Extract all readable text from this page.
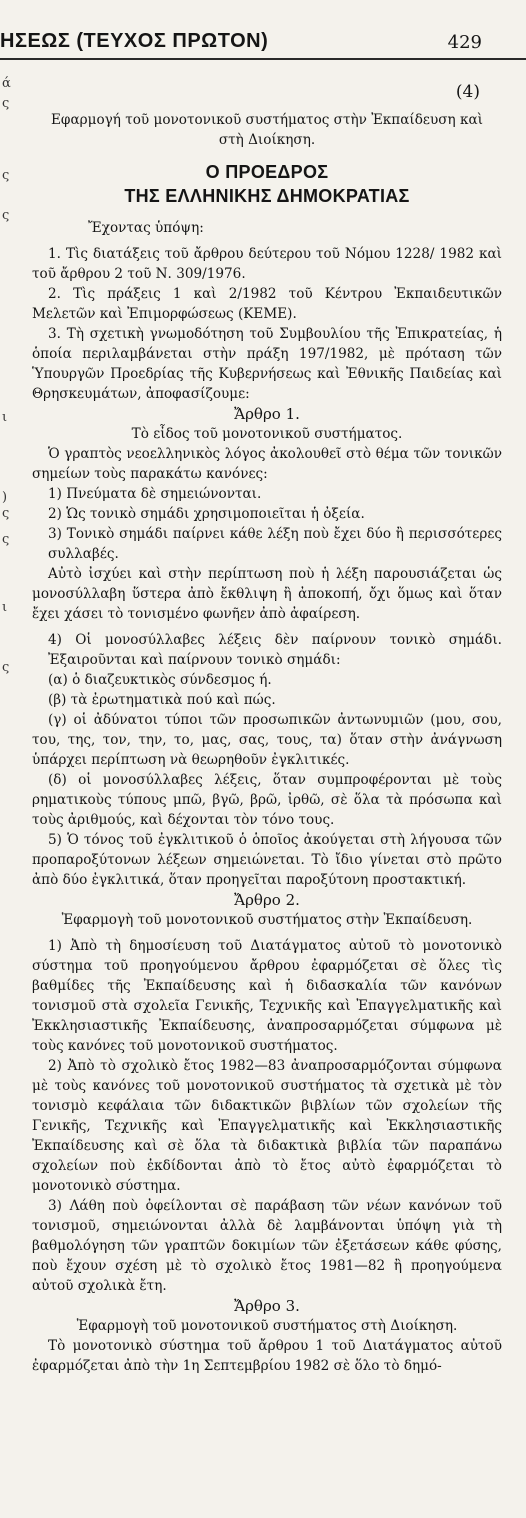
ΗΣΕΩΣ (ΤΕΥΧΟΣ ΠΡΩΤΟΝ)	429
ά
ς
ς
ς
ι
)
ς
ς
ι
ς
(4)

Εφαρμογή τοῦ μονοτονικοῦ συστήματος στὴν Ἐκπαίδευση καὶ

στὴ Διοίκηση.

Ο ΠΡΟΕΔΡΟΣ

ΤΗΣ ΕΛΛΗΝΙΚΗΣ ΔΗΜΟΚΡΑΤΙΑΣ

Ἔχοντας ὑπόψη:

1. Τὶς διατάξεις τοῦ ἄρθρου δεύτερου τοῦ Νόμου 1228/ 1982 καὶ τοῦ ἄρθρου 2 τοῦ Ν. 309/1976.

2. Τὶς πράξεις 1 καὶ 2/1982 τοῦ Κέντρου Ἐκπαιδευτικῶν Μελετῶν καὶ Ἐπιμορφώσεως (ΚΕΜΕ).

3. Τὴ σχετικὴ γνωμοδότηση τοῦ Συμβουλίου τῆς Ἐπικρατείας, ἡ ὁποία περιλαμβάνεται στὴν πράξη 197/1982, μὲ πρόταση τῶν Ὑπουργῶν Προεδρίας τῆς Κυβερνήσεως καὶ Ἐθνικῆς Παιδείας καὶ Θρησκευμάτων, ἀποφασίζουμε:

Ἄρθρο 1.

Τὸ εἶδος τοῦ μονοτονικοῦ συστήματος.

Ὁ γραπτὸς νεοελληνικὸς λόγος ἀκολουθεῖ στὸ θέμα τῶν τονικῶν σημείων τοὺς παρακάτω κανόνες:

1) Πνεύματα δὲ σημειώνονται.

2) Ὡς τονικὸ σημάδι χρησιμοποιεῖται ἡ ὀξεία.

3) Τονικὸ σημάδι παίρνει κάθε λέξη ποὺ ἔχει δύο ἢ περισσότερες συλλαβές.

Αὐτὸ ἰσχύει καὶ στὴν περίπτωση ποὺ ἡ λέξη παρουσιάζεται ὡς μονοσύλλαβη ὕστερα ἀπὸ ἔκθλιψη ἢ ἀποκοπή, ὄχι ὅμως καὶ ὅταν ἔχει χάσει τὸ τονισμένο φωνῆεν ἀπὸ ἀφαίρεση.

4) Οἱ μονοσύλλαβες λέξεις δὲν παίρνουν τονικὸ σημάδι. Ἐξαιροῦνται καὶ παίρνουν τονικὸ σημάδι:

(α) ὁ διαζευκτικὸς σύνδεσμος ή.

(β) τὰ ἐρωτηματικὰ πού καὶ πώς.

(γ) οἱ ἀδύνατοι τύποι τῶν προσωπικῶν ἀντωνυμιῶν (μου, σου, του, της, τον, την, το, μας, σας, τους, τα) ὅταν στὴν ἀνάγνωση ὑπάρχει περίπτωση νὰ θεωρηθοῦν ἐγκλιτικές.

(δ) οἱ μονοσύλλαβες λέξεις, ὅταν συμπροφέρονται μὲ τοὺς ρηματικοὺς τύπους μπῶ, βγῶ, βρῶ, ἰρθῶ, σὲ ὅλα τὰ πρόσωπα καὶ τοὺς ἀριθμούς, καὶ δέχονται τὸν τόνο τους.

5) Ὁ τόνος τοῦ ἐγκλιτικοῦ ὁ ὁποῖος ἀκούγεται στὴ λήγουσα τῶν προπαροξύτονων λέξεων σημειώνεται. Τὸ ἴδιο γίνεται στὸ πρῶτο ἀπὸ δύο ἐγκλιτικά, ὅταν προηγεῖται παροξύτονη προστακτική.

Ἄρθρο 2.

Ἐφαρμογὴ τοῦ μονοτονικοῦ συστήματος στὴν Ἐκπαίδευση.

1) Ἀπὸ τὴ δημοσίευση τοῦ Διατάγματος αὐτοῦ τὸ μονοτονικὸ σύστημα τοῦ προηγούμενου ἄρθρου ἐφαρμόζεται σὲ ὅλες τὶς βαθμίδες τῆς Ἐκπαίδευσης καὶ ἡ διδασκαλία τῶν κανόνων τονισμοῦ στὰ σχολεῖα Γενικῆς, Τεχνικῆς καὶ Ἐπαγγελματικῆς καὶ Ἐκκλησιαστικῆς Ἐκπαίδευσης, ἀναπροσαρμόζεται σύμφωνα μὲ τοὺς κανόνες τοῦ μονοτονικοῦ συστήματος.

2) Ἀπὸ τὸ σχολικὸ ἔτος 1982—83 ἀναπροσαρμόζονται σύμφωνα μὲ τοὺς κανόνες τοῦ μονοτονικοῦ συστήματος τὰ σχετικὰ μὲ τὸν τονισμὸ κεφάλαια τῶν διδακτικῶν βιβλίων τῶν σχολείων τῆς Γενικῆς, Τεχνικῆς καὶ Ἐπαγγελματικῆς καὶ Ἐκκλησιαστικῆς Ἐκπαίδευσης καὶ σὲ ὅλα τὰ διδακτικὰ βιβλία τῶν παραπάνω σχολείων ποὺ ἐκδίδονται ἀπὸ τὸ ἔτος αὐτὸ ἐφαρμόζεται τὸ μονοτονικὸ σύστημα.

3) Λάθη ποὺ ὀφείλονται σὲ παράβαση τῶν νέων κανόνων τοῦ τονισμοῦ, σημειώνονται ἀλλὰ δὲ λαμβάνονται ὑπόψη γιὰ τὴ βαθμολόγηση τῶν γραπτῶν δοκιμίων τῶν ἐξετάσεων κάθε φύσης, ποὺ ἔχουν σχέση μὲ τὸ σχολικὸ ἔτος 1981—82 ἢ προηγούμενα αὐτοῦ σχολικὰ ἔτη.

Ἄρθρο 3.

Ἐφαρμογὴ τοῦ μονοτονικοῦ συστήματος στὴ Διοίκηση.

Τὸ μονοτονικὸ σύστημα τοῦ ἄρθρου 1 τοῦ Διατάγματος αὐτοῦ ἐφαρμόζεται ἀπὸ τὴν 1η Σεπτεμβρίου 1982 σὲ ὅλο τὸ δημό-
